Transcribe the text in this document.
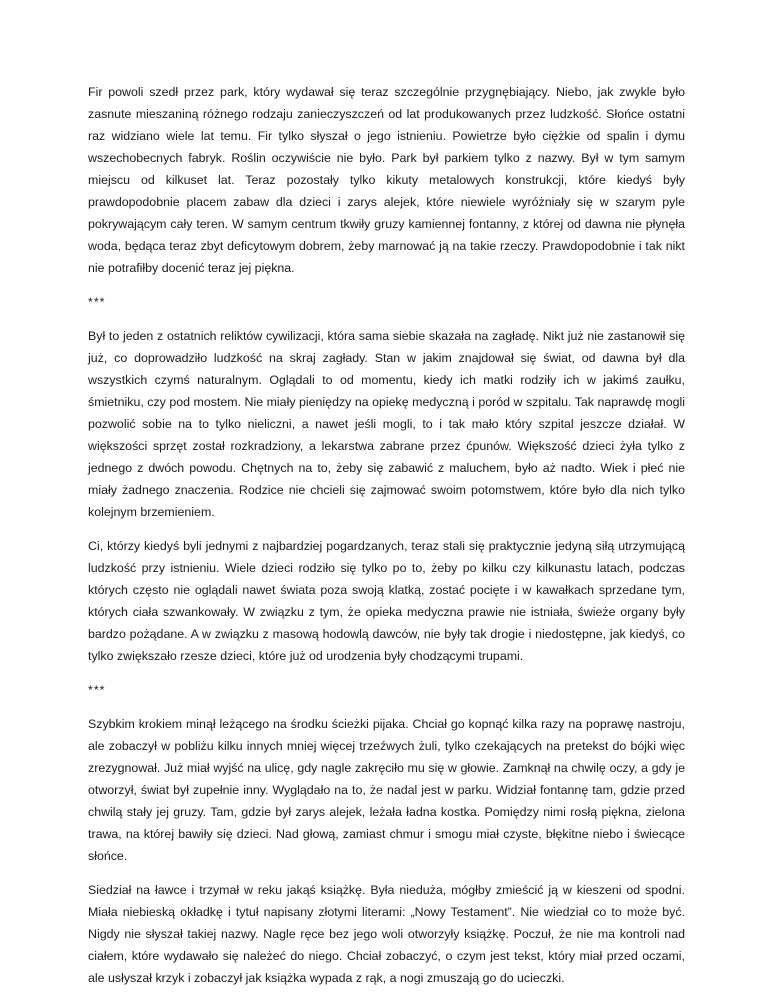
Fir powoli szedł przez park, który wydawał się teraz szczególnie przygnębiający. Niebo, jak zwykle było zasnute mieszaniną różnego rodzaju zanieczyszczeń od lat produkowanych przez ludzkość. Słońce ostatni raz widziano wiele lat temu. Fir tylko słyszał o jego istnieniu. Powietrze było ciężkie od spalin i dymu wszechobecnych fabryk. Roślin oczywiście nie było. Park był parkiem tylko z nazwy. Był w tym samym miejscu od kilkuset lat. Teraz pozostały tylko kikuty metalowych konstrukcji, które kiedyś były prawdopodobnie placem zabaw dla dzieci i zarys alejek, które niewiele wyróżniały się w szarym pyle pokrywającym cały teren. W samym centrum tkwiły gruzy kamiennej fontanny, z której od dawna nie płynęła woda, będąca teraz zbyt deficytowym dobrem, żeby marnować ją na takie rzeczy. Prawdopodobnie i tak nikt nie potrafiłby docenić teraz jej piękna.

***

Był to jeden z ostatnich reliktów cywilizacji, która sama siebie skazała na zagładę. Nikt już nie zastanowił się już, co doprowadziło ludzkość na skraj zagłady. Stan w jakim znajdował się świat, od dawna był dla wszystkich czymś naturalnym. Oglądali to od momentu, kiedy ich matki rodziły ich w jakimś zaułku, śmietniku, czy pod mostem. Nie miały pieniędzy na opiekę medyczną i poród w szpitalu. Tak naprawdę mogli pozwolić sobie na to tylko nieliczni, a nawet jeśli mogli, to i tak mało który szpital jeszcze działał. W większości sprzęt został rozkradziony, a lekarstwa zabrane przez ćpunów. Większość dzieci żyła tylko z jednego z dwóch powodu. Chętnych na to, żeby się zabawić z maluchem, było aż nadto. Wiek i płeć nie miały żadnego znaczenia. Rodzice nie chcieli się zajmować swoim potomstwem, które było dla nich tylko kolejnym brzemieniem.

Ci, którzy kiedyś byli jednymi z najbardziej pogardzanych, teraz stali się praktycznie jedyną siłą utrzymującą ludzkość przy istnieniu. Wiele dzieci rodziło się tylko po to, żeby po kilku czy kilkunastu latach, podczas których często nie oglądali nawet świata poza swoją klatką, zostać pocięte i w kawałkach sprzedane tym, których ciała szwankowały. W związku z tym, że opieka medyczna prawie nie istniała, świeże organy były bardzo pożądane. A w związku z masową hodowlą dawców, nie były tak drogie i niedostępne, jak kiedyś, co tylko zwiększało rzesze dzieci, które już od urodzenia były chodzącymi trupami.

***

Szybkim krokiem minął leżącego na środku ścieżki pijaka. Chciał go kopnąć kilka razy na poprawę nastroju, ale zobaczył w pobliżu kilku innych mniej więcej trzeźwych żuli, tylko czekających na pretekst do bójki więc zrezygnował. Już miał wyjść na ulicę, gdy nagle zakręciło mu się w głowie. Zamknął na chwilę oczy, a gdy je otworzył, świat był zupełnie inny. Wyglądało na to, że nadal jest w parku. Widział fontannę tam, gdzie przed chwilą stały jej gruzy. Tam, gdzie był zarys alejek, leżała ładna kostka. Pomiędzy nimi rosłą piękna, zielona trawa, na której bawiły się dzieci. Nad głową, zamiast chmur i smogu miał czyste, błękitne niebo i świecące słońce.

Siedział na ławce i trzymał w reku jakąś książkę. Była nieduża, mógłby zmieścić ją w kieszeni od spodni. Miała niebieską okładkę i tytuł napisany złotymi literami: „Nowy Testament”. Nie wiedział co to może być. Nigdy nie słyszał takiej nazwy. Nagle ręce bez jego woli otworzyły książkę. Poczuł, że nie ma kontroli nad ciałem, które wydawało się należeć do niego. Chciał zobaczyć, o czym jest tekst, który miał przed oczami, ale usłyszał krzyk i zobaczył jak książka wypada z rąk, a nogi zmuszają go do ucieczki.
